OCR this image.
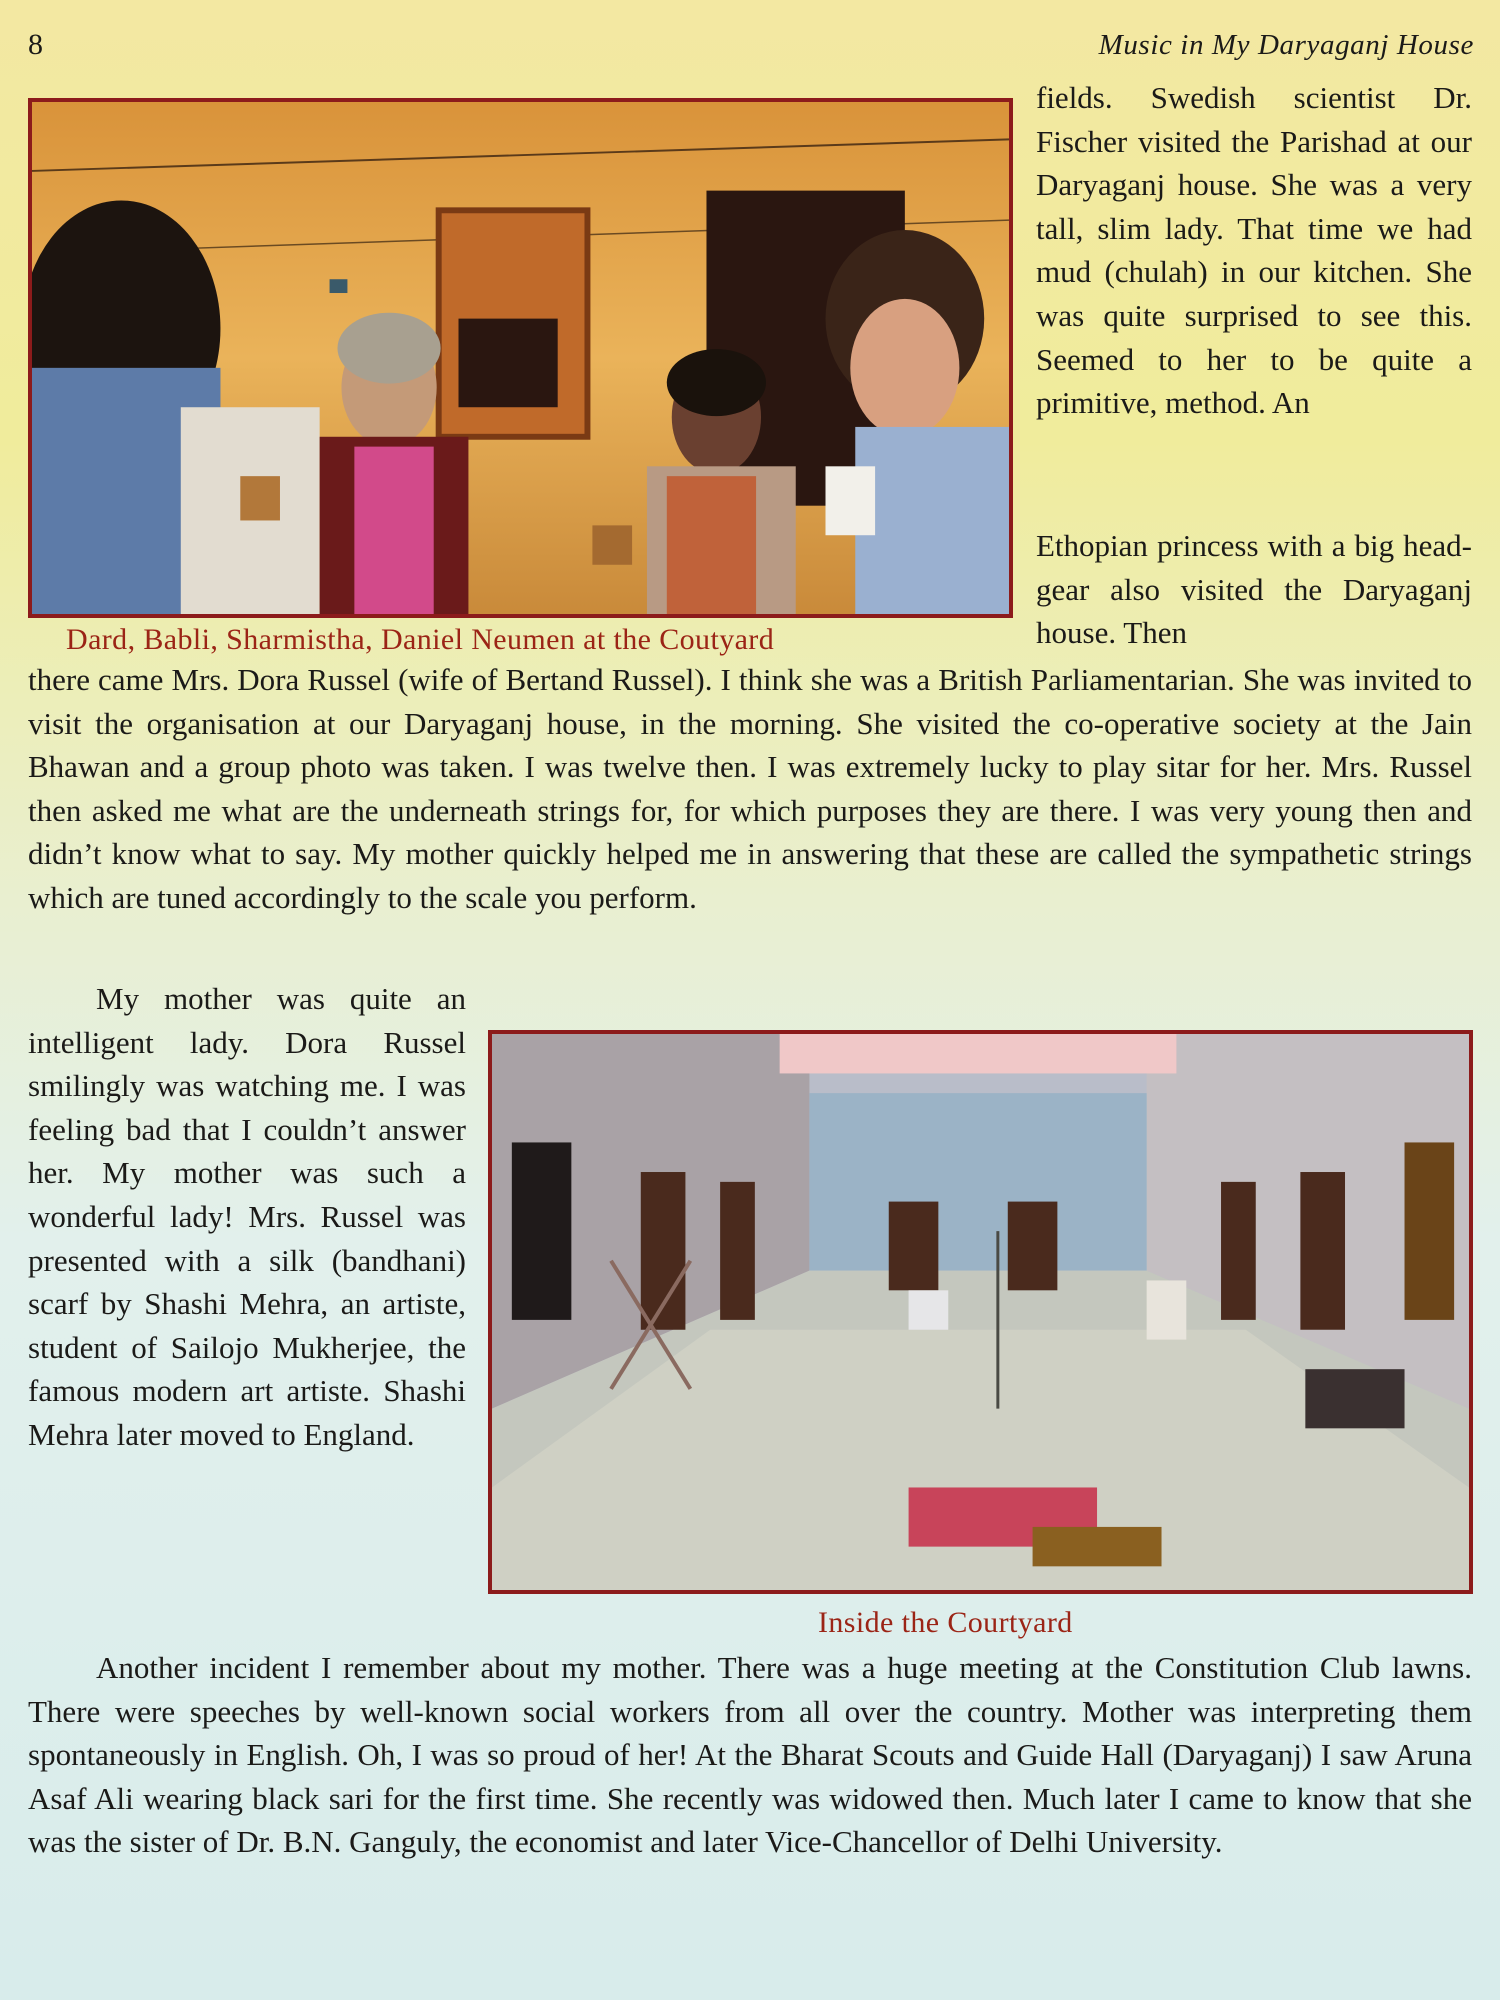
8	Music in My Daryaganj House
Dard, Babli, Sharmistha, Daniel Neumen at the Coutyard

fields. Swedish scientist Dr. Fischer visited the Parishad at our Daryaganj house. She was a very tall, slim lady. That time we had mud (chulah) in our kitchen. She was quite surprised to see this. Seemed to her to be quite a primitive, method. An

Ethopian princess with a big head-gear also visited the Daryaganj house. Then

there came Mrs. Dora Russel (wife of Bertand Russel). I think she was a British Parliamentarian. She was invited to visit the organisation at our Daryaganj house, in the morning. She visited the co-operative society at the Jain Bhawan and a group photo was taken. I was twelve then. I was extremely lucky to play sitar for her. Mrs. Russel then asked me what are the underneath strings for, for which purposes they are there. I was very young then and didn’t know what to say. My mother quickly helped me in answering that these are called the sympathetic strings which are tuned accordingly to the scale you perform.

My mother was quite an intelligent lady. Dora Russel smilingly was watching me. I was feeling bad that I couldn’t answer her. My mother was such a wonderful lady! Mrs. Russel was presented with a silk (bandhani) scarf by Shashi Mehra, an artiste, student of Sailojo Mukherjee, the famous modern art artiste. Shashi Mehra later moved to England.

Inside the Courtyard

Another incident I remember about my mother. There was a huge meeting at the Constitution Club lawns. There were speeches by well-known social workers from all over the country. Mother was interpreting them spontaneously in English. Oh, I was so proud of her! At the Bharat Scouts and Guide Hall (Daryaganj) I saw Aruna Asaf Ali wearing black sari for the first time. She recently was widowed then. Much later I came to know that she was the sister of Dr. B.N. Ganguly, the economist and later Vice-Chancellor of Delhi University.
